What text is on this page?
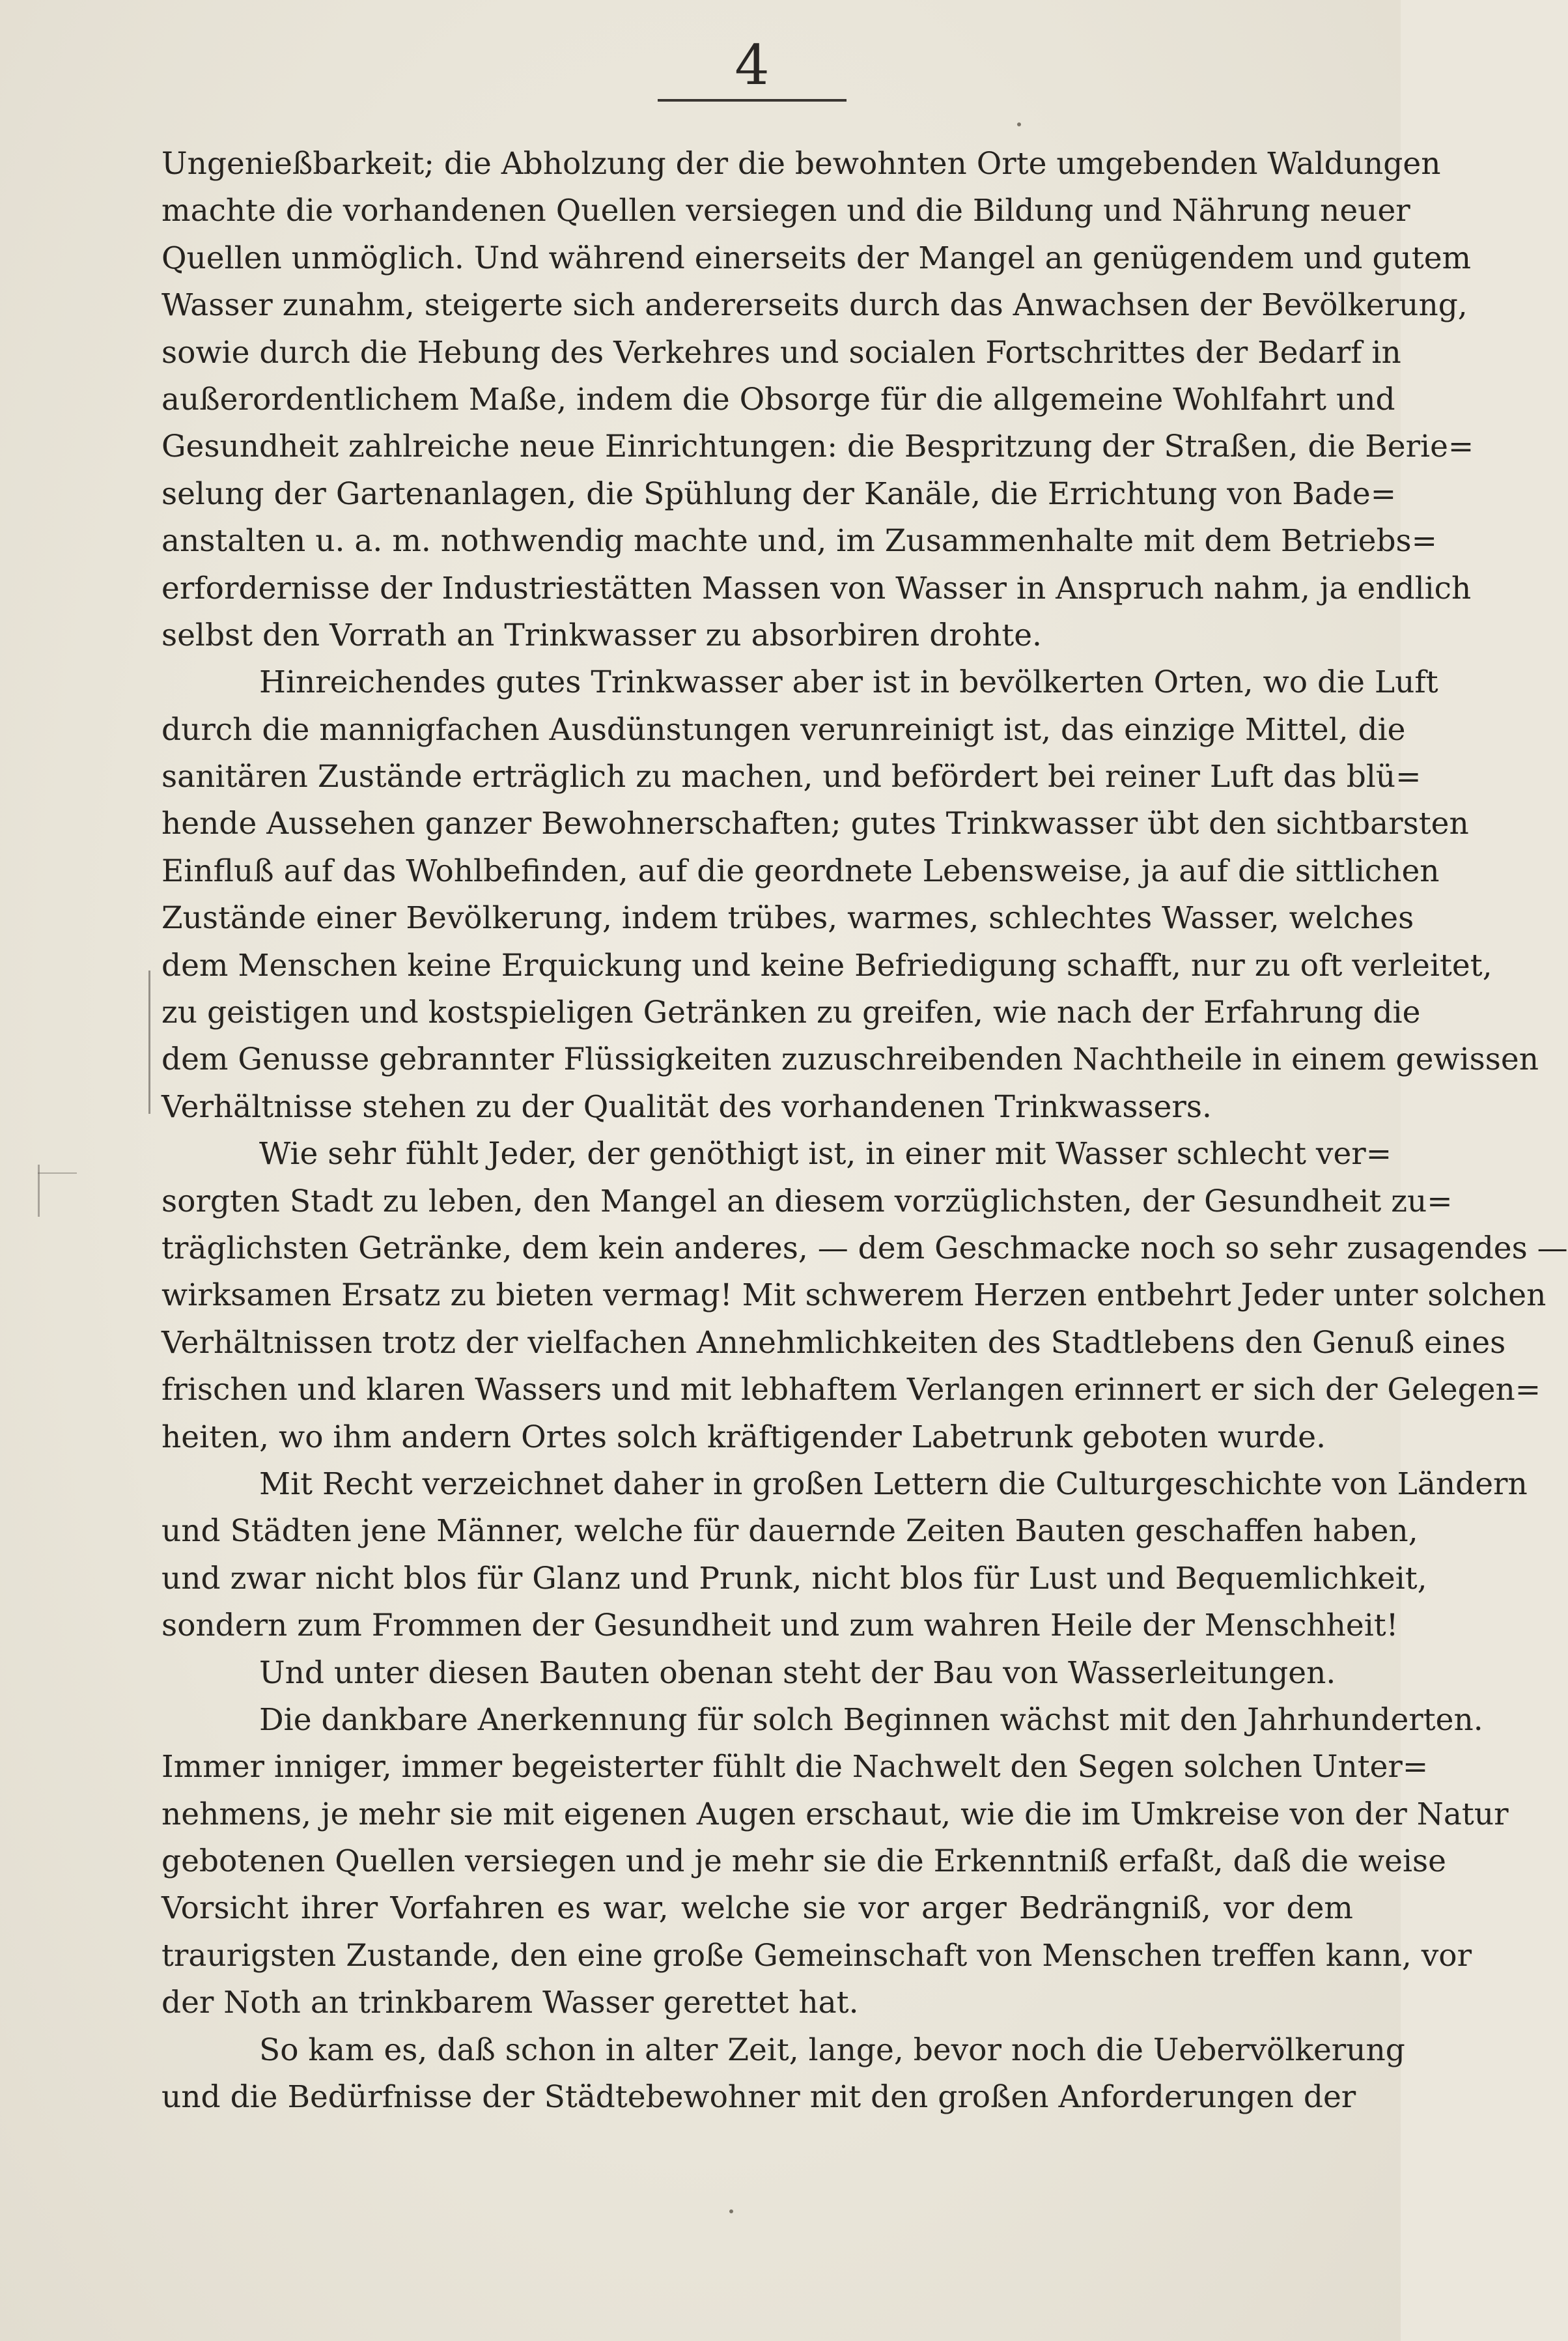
4
Ungenießbarkeit; die Abholzung der die bewohnten Orte umgebenden Waldungen
machte die vorhandenen Quellen versiegen und die Bildung und Nährung neuer
Quellen unmöglich. Und während einerseits der Mangel an genügendem und gutem
Wasser zunahm, steigerte sich andererseits durch das Anwachsen der Bevölkerung,
sowie durch die Hebung des Verkehres und socialen Fortschrittes der Bedarf in
außerordentlichem Maße, indem die Obsorge für die allgemeine Wohlfahrt und
Gesundheit zahlreiche neue Einrichtungen: die Bespritzung der Straßen, die Berie=
selung der Gartenanlagen, die Spühlung der Kanäle, die Errichtung von Bade=
anstalten u. a. m. nothwendig machte und, im Zusammenhalte mit dem Betriebs=
erfordernisse der Industriestätten Massen von Wasser in Anspruch nahm, ja endlich
selbst den Vorrath an Trinkwasser zu absorbiren drohte.
Hinreichendes gutes Trinkwasser aber ist in bevölkerten Orten, wo die Luft
durch die mannigfachen Ausdünstungen verunreinigt ist, das einzige Mittel, die
sanitären Zustände erträglich zu machen, und befördert bei reiner Luft das blü=
hende Aussehen ganzer Bewohnerschaften; gutes Trinkwasser übt den sichtbarsten
Einfluß auf das Wohlbefinden, auf die geordnete Lebensweise, ja auf die sittlichen
Zustände einer Bevölkerung, indem trübes, warmes, schlechtes Wasser, welches
dem Menschen keine Erquickung und keine Befriedigung schafft, nur zu oft verleitet,
zu geistigen und kostspieligen Getränken zu greifen, wie nach der Erfahrung die
dem Genusse gebrannter Flüssigkeiten zuzuschreibenden Nachtheile in einem gewissen
Verhältnisse stehen zu der Qualität des vorhandenen Trinkwassers.
Wie sehr fühlt Jeder, der genöthigt ist, in einer mit Wasser schlecht ver=
sorgten Stadt zu leben, den Mangel an diesem vorzüglichsten, der Gesundheit zu=
träglichsten Getränke, dem kein anderes, — dem Geschmacke noch so sehr zusagendes —
wirksamen Ersatz zu bieten vermag! Mit schwerem Herzen entbehrt Jeder unter solchen
Verhältnissen trotz der vielfachen Annehmlichkeiten des Stadtlebens den Genuß eines
frischen und klaren Wassers und mit lebhaftem Verlangen erinnert er sich der Gelegen=
heiten, wo ihm andern Ortes solch kräftigender Labetrunk geboten wurde.
Mit Recht verzeichnet daher in großen Lettern die Culturgeschichte von Ländern
und Städten jene Männer, welche für dauernde Zeiten Bauten geschaffen haben,
und zwar nicht blos für Glanz und Prunk, nicht blos für Lust und Bequemlichkeit,
sondern zum Frommen der Gesundheit und zum wahren Heile der Menschheit!
Und unter diesen Bauten obenan steht der Bau von Wasserleitungen.
Die dankbare Anerkennung für solch Beginnen wächst mit den Jahrhunderten.
Immer inniger, immer begeisterter fühlt die Nachwelt den Segen solchen Unter=
nehmens, je mehr sie mit eigenen Augen erschaut, wie die im Umkreise von der Natur
gebotenen Quellen versiegen und je mehr sie die Erkenntniß erfaßt, daß die weise
Vorsicht ihrer Vorfahren es war, welche sie vor arger Bedrängniß, vor dem
traurigsten Zustande, den eine große Gemeinschaft von Menschen treffen kann, vor
der Noth an trinkbarem Wasser gerettet hat.
So kam es, daß schon in alter Zeit, lange, bevor noch die Uebervölkerung
und die Bedürfnisse der Städtebewohner mit den großen Anforderungen der
